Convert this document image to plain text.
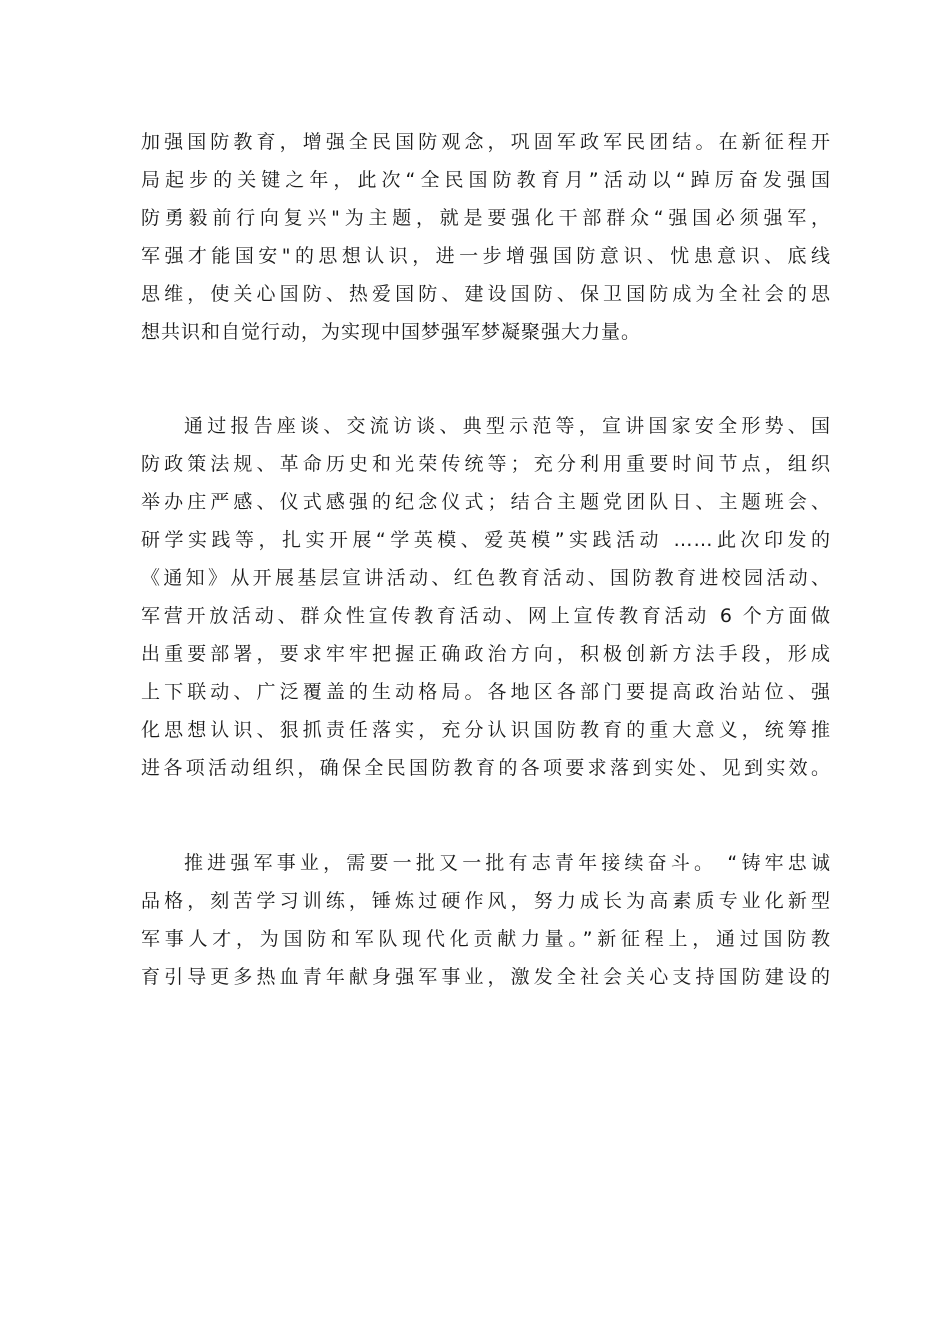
加强国防教育，增强全民国防观念，巩固军政军民团结。在新征程开
局起步的关键之年，此次“全民国防教育月”活动以“踔厉奋发强国
防勇毅前行向复兴"为主题，就是要强化干部群众“强国必须强军，
军强才能国安"的思想认识，进一步增强国防意识、忧患意识、底线
思维，使关心国防、热爱国防、建设国防、保卫国防成为全社会的思
想共识和自觉行动，为实现中国梦强军梦凝聚强大力量。
通过报告座谈、交流访谈、典型示范等，宣讲国家安全形势、国
防政策法规、革命历史和光荣传统等；充分利用重要时间节点，组织
举办庄严感、仪式感强的纪念仪式；结合主题党团队日、主题班会、
研学实践等，扎实开展“学英模、爱英模”实践活动 ……此次印发的
《通知》从开展基层宣讲活动、红色教育活动、国防教育进校园活动、
军营开放活动、群众性宣传教育活动、网上宣传教育活动 6 个方面做
出重要部署，要求牢牢把握正确政治方向，积极创新方法手段，形成
上下联动、广泛覆盖的生动格局。各地区各部门要提高政治站位、强
化思想认识、狠抓责任落实，充分认识国防教育的重大意义，统筹推
进各项活动组织，确保全民国防教育的各项要求落到实处、见到实效。
推进强军事业，需要一批又一批有志青年接续奋斗。 “铸牢忠诚
品格，刻苦学习训练，锤炼过硬作风，努力成长为高素质专业化新型
军事人才，为国防和军队现代化贡献力量。”新征程上，通过国防教
育引导更多热血青年献身强军事业，激发全社会关心支持国防建设的
